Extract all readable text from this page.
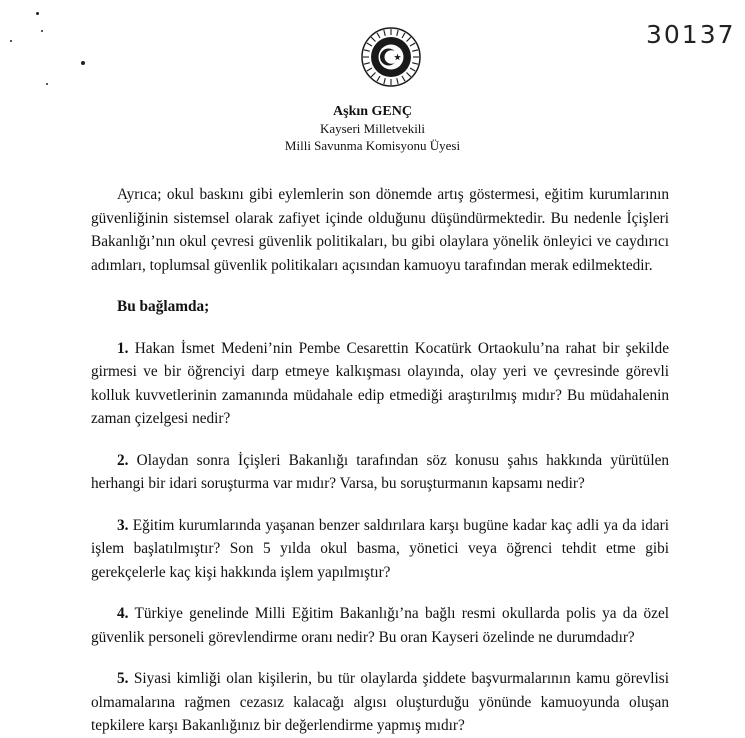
30137
Aşkın GENÇ
Kayseri Milletvekili
Milli Savunma Komisyonu Üyesi

Ayrıca; okul baskını gibi eylemlerin son dönemde artış göstermesi, eğitim kurumlarının güvenliğinin sistemsel olarak zafiyet içinde olduğunu düşündürmektedir. Bu nedenle İçişleri Bakanlığı’nın okul çevresi güvenlik politikaları, bu gibi olaylara yönelik önleyici ve caydırıcı adımları, toplumsal güvenlik politikaları açısından kamuoyu tarafından merak edilmektedir.

Bu bağlamda;

1. Hakan İsmet Medeni’nin Pembe Cesarettin Kocatürk Ortaokulu’na rahat bir şekilde girmesi ve bir öğrenciyi darp etmeye kalkışması olayında, olay yeri ve çevresinde görevli kolluk kuvvetlerinin zamanında müdahale edip etmediği araştırılmış mıdır? Bu müdahalenin zaman çizelgesi nedir?

2. Olaydan sonra İçişleri Bakanlığı tarafından söz konusu şahıs hakkında yürütülen herhangi bir idari soruşturma var mıdır? Varsa, bu soruşturmanın kapsamı nedir?

3. Eğitim kurumlarında yaşanan benzer saldırılara karşı bugüne kadar kaç adli ya da idari işlem başlatılmıştır? Son 5 yılda okul basma, yönetici veya öğrenci tehdit etme gibi gerekçelerle kaç kişi hakkında işlem yapılmıştır?

4. Türkiye genelinde Milli Eğitim Bakanlığı’na bağlı resmi okullarda polis ya da özel güvenlik personeli görevlendirme oranı nedir? Bu oran Kayseri özelinde ne durumdadır?

5. Siyasi kimliği olan kişilerin, bu tür olaylarda şiddete başvurmalarının kamu görevlisi olmamalarına rağmen cezasız kalacağı algısı oluşturduğu yönünde kamuoyunda oluşan tepkilere karşı Bakanlığınız bir değerlendirme yapmış mıdır?
